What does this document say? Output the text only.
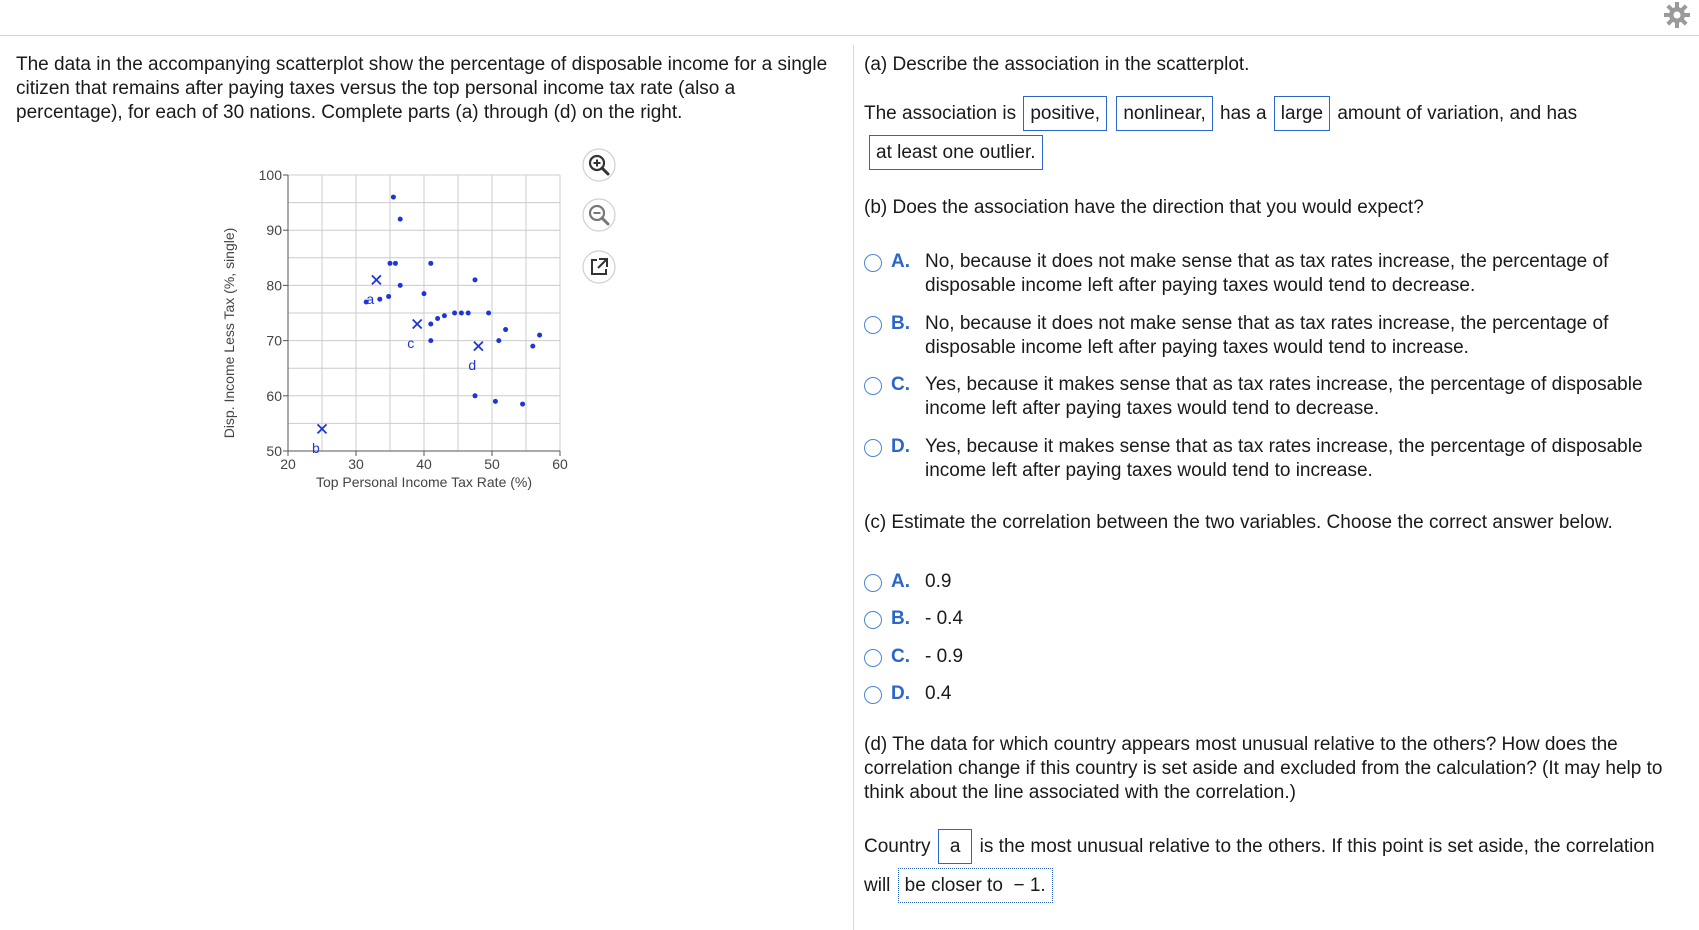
The data in the accompanying scatterplot show the percentage of disposable income for a single citizen that remains after paying taxes versus the top personal income tax rate (also a percentage), for each of 30 nations. Complete parts (a) through (d) on the right.

20	30	40	50	60
50
60
70
80
90
100
Top Personal Income Tax Rate (%)
Disp. Income Less Tax (%, single)	a
b
c
d

(a) Describe the association in the scatterplot.

The association is positive, nonlinear, has a large amount of variation, and has
at least one outlier.

(b) Does the association have the direction that you would expect?

A. No, because it does not make sense that as tax rates increase, the percentage of disposable income left after paying taxes would tend to decrease.
B. No, because it does not make sense that as tax rates increase, the percentage of disposable income left after paying taxes would tend to increase.
C. Yes, because it makes sense that as tax rates increase, the percentage of disposable income left after paying taxes would tend to decrease.
D. Yes, because it makes sense that as tax rates increase, the percentage of disposable income left after paying taxes would tend to increase.

(c) Estimate the correlation between the two variables. Choose the correct answer below.

A. 0.9
B. - 0.4
C. - 0.9
D. 0.4

(d) The data for which country appears most unusual relative to the others? How does the correlation change if this country is set aside and excluded from the calculation? (It may help to think about the line associated with the correlation.)

Country a is the most unusual relative to the others. If this point is set aside, the correlation
will be closer to  − 1.
